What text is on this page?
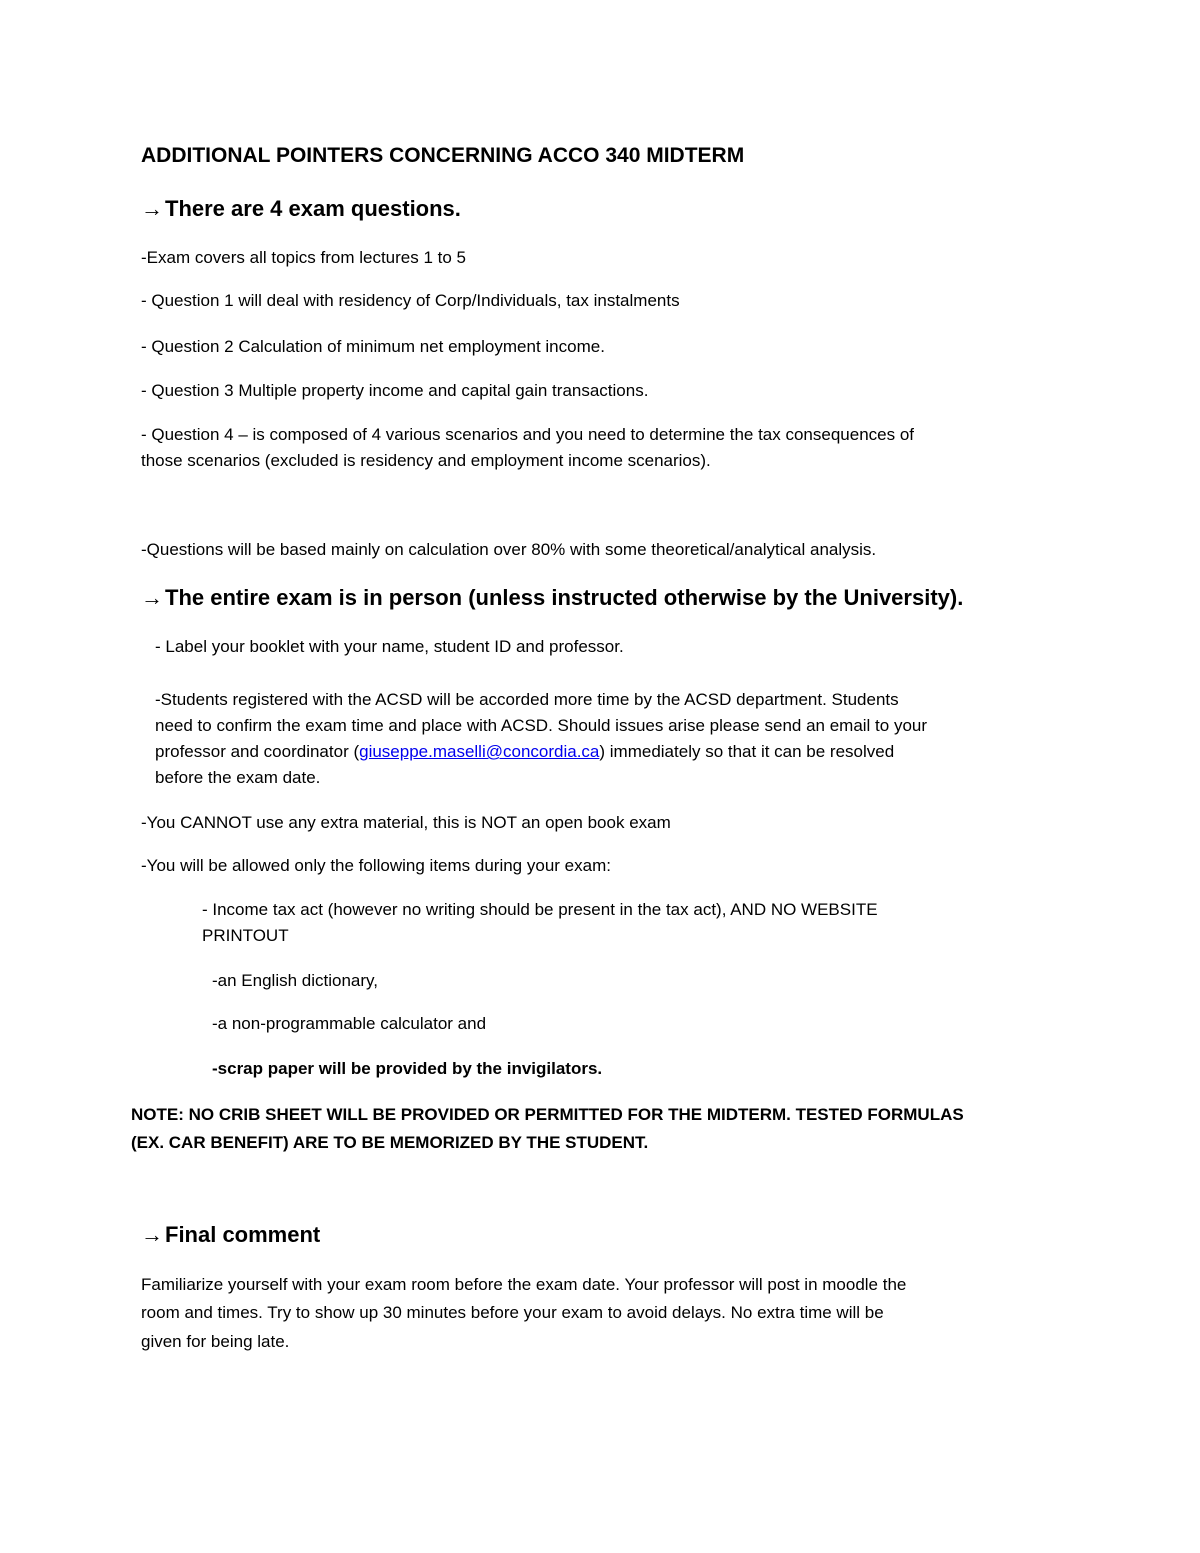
ADDITIONAL POINTERS CONCERNING ACCO 340 MIDTERM
→There are 4 exam questions.
-Exam covers all topics from lectures 1 to 5
- Question 1 will deal with residency of Corp/Individuals, tax instalments
- Question 2 Calculation of minimum net employment income.
- Question 3 Multiple property income and capital gain transactions.
- Question 4 – is composed of 4 various scenarios and you need to determine the tax consequences of
those scenarios (excluded is residency and employment income scenarios).
-Questions will be based mainly on calculation over 80% with some theoretical/analytical analysis.
→The entire exam is in person (unless instructed otherwise by the University).
- Label your booklet with your name, student ID and professor.
-Students registered with the ACSD will be accorded more time by the ACSD department. Students
need to confirm the exam time and place with ACSD. Should issues arise please send an email to your
professor and coordinator (giuseppe.maselli@concordia.ca) immediately so that it can be resolved
before the exam date.
-You CANNOT use any extra material, this is NOT an open book exam
-You will be allowed only the following items during your exam:
- Income tax act (however no writing should be present in the tax act), AND NO WEBSITE
PRINTOUT
-an English dictionary,
-a non-programmable calculator and
-scrap paper will be provided by the invigilators.
NOTE: NO CRIB SHEET WILL BE PROVIDED OR PERMITTED FOR THE MIDTERM. TESTED FORMULAS
(EX. CAR BENEFIT) ARE TO BE MEMORIZED BY THE STUDENT.
→Final comment
Familiarize yourself with your exam room before the exam date. Your professor will post in moodle the
room and times. Try to show up 30 minutes before your exam to avoid delays. No extra time will be
given for being late.
